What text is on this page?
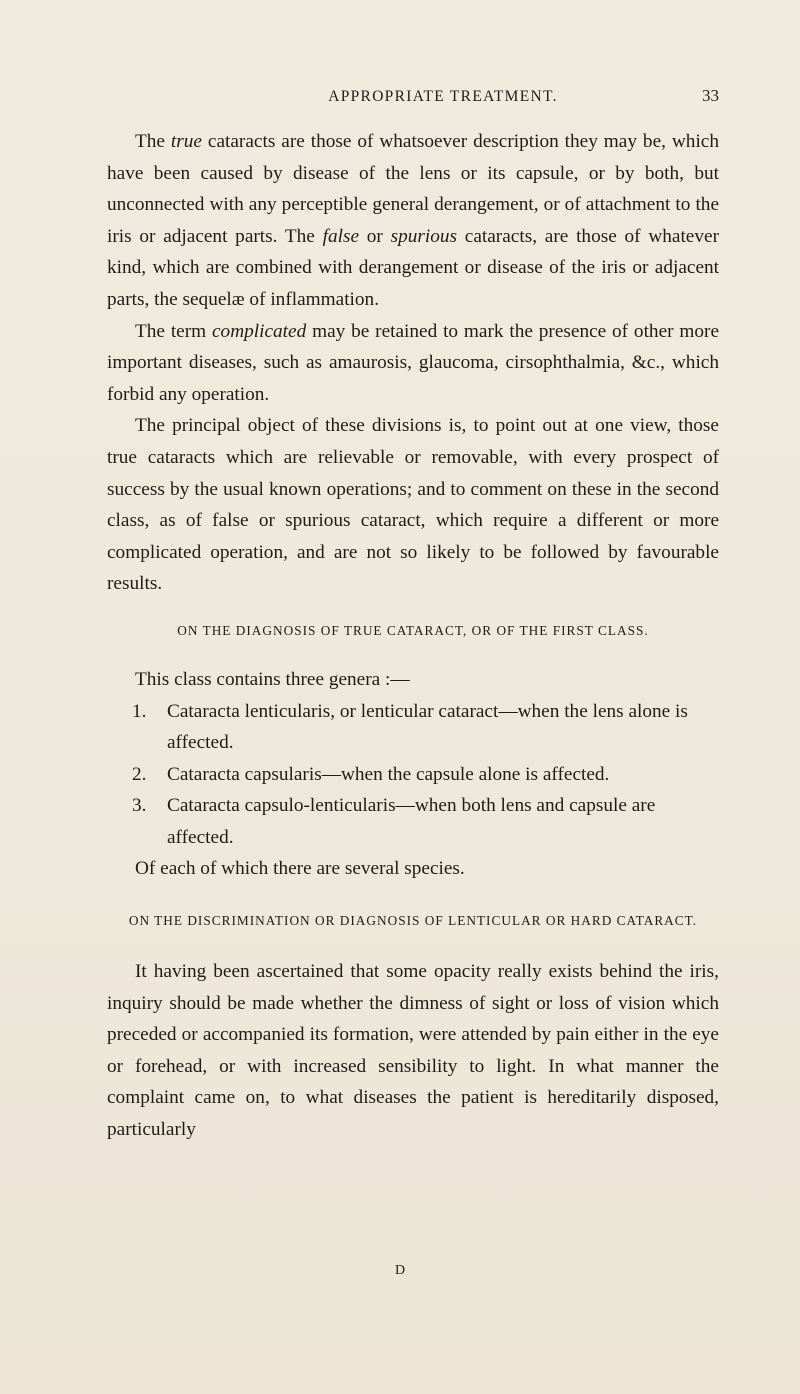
APPROPRIATE TREATMENT.	33

The true cataracts are those of whatsoever description they may be, which have been caused by disease of the lens or its capsule, or by both, but unconnected with any perceptible general derangement, or of attachment to the iris or adjacent parts. The false or spurious cataracts, are those of whatever kind, which are combined with derangement or disease of the iris or adjacent parts, the sequelæ of inflammation.

The term complicated may be retained to mark the presence of other more important diseases, such as amaurosis, glaucoma, cirsophthalmia, &c., which forbid any operation.

The principal object of these divisions is, to point out at one view, those true cataracts which are relievable or removable, with every prospect of success by the usual known operations; and to comment on these in the second class, as of false or spurious cataract, which require a different or more complicated operation, and are not so likely to be followed by favourable results.

ON THE DIAGNOSIS OF TRUE CATARACT, OR OF THE FIRST CLASS.

This class contains three genera :—

1. Cataracta lenticularis, or lenticular cataract—when the lens alone is affected.
2. Cataracta capsularis—when the capsule alone is affected.
3. Cataracta capsulo-lenticularis—when both lens and capsule are affected.

Of each of which there are several species.

ON THE DISCRIMINATION OR DIAGNOSIS OF LENTICULAR OR HARD CATARACT.

It having been ascertained that some opacity really exists behind the iris, inquiry should be made whether the dimness of sight or loss of vision which preceded or accompanied its formation, were attended by pain either in the eye or forehead, or with increased sensibility to light. In what manner the complaint came on, to what diseases the patient is hereditarily disposed, particularly

D
